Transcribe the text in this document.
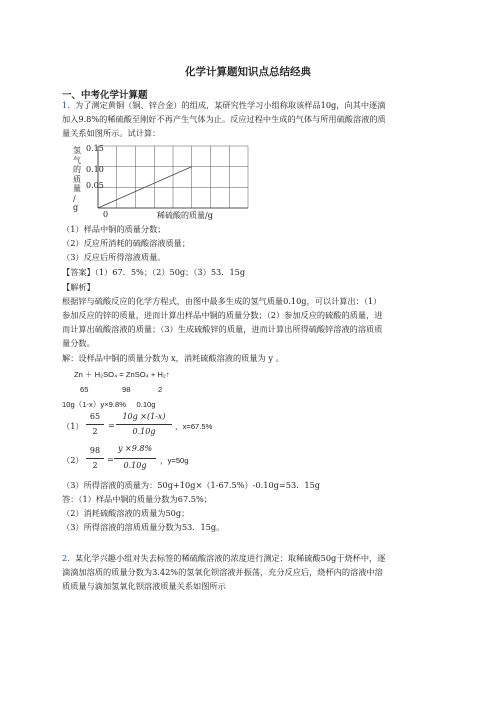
化学计算题知识点总结经典
一、中考化学计算题
1. 为了测定黄铜（铜、锌合金）的组成，某研究性学习小组称取该样品10g，向其中逐滴
加入9.8%的稀硫酸至刚好不再产生气体为止。反应过程中生成的气体与所用硫酸溶液的质
量关系如图所示。试计算：
氢
气
的
质
量
/
g
0.15
0.10
0.05
0	稀硫酸的质量/g
（1）样品中铜的质量分数；
（2）反应所消耗的硫酸溶液质量；
（3）反应后所得溶液质量。
【答案】（1）67．5%；（2）50g；（3）53．15g
【解析】
根据锌与硫酸反应的化学方程式，由图中最多生成的氢气质量0.10g，可以计算出：（1）
参加反应的锌的质量，进而计算出样品中铜的质量分数；（2）参加反应的硫酸的质量，进
而计算出硫酸溶液的质量；（3）生成硫酸锌的质量，进而计算出所得硫酸锌溶液的溶质质
量分数。
解：设样品中铜的质量分数为 x，消耗硫酸溶液的质量为 y 。
Zn ＋ H₂SO₄ = ZnSO₄ + H₂↑
65	98	2
10g（1-x）y×9.8%     0.10g
（1）
65
2
=
10g ×(1-x)
0.10g
，x=67.5%
（2）
98
2
=
y ×9.8%
0.10g
，y=50g
（3）所得溶液的质量为：50g+10g×（1-67.5%）-0.10g=53．15g
答：（1）样品中铜的质量分数为67.5%；
（2）消耗硫酸溶液的质量为50g；
（3）所得溶液的溶质质量分数为53．15g。
2. 某化学兴趣小组对失去标签的稀硫酸溶液的浓度进行测定：取稀硫酸50g于烧杯中，逐
滴滴加溶质的质量分数为3.42%的氢氧化钡溶液并振荡，充分反应后，烧杯内的溶液中溶
质质量与滴加氢氧化钡溶液质量关系如图所示
